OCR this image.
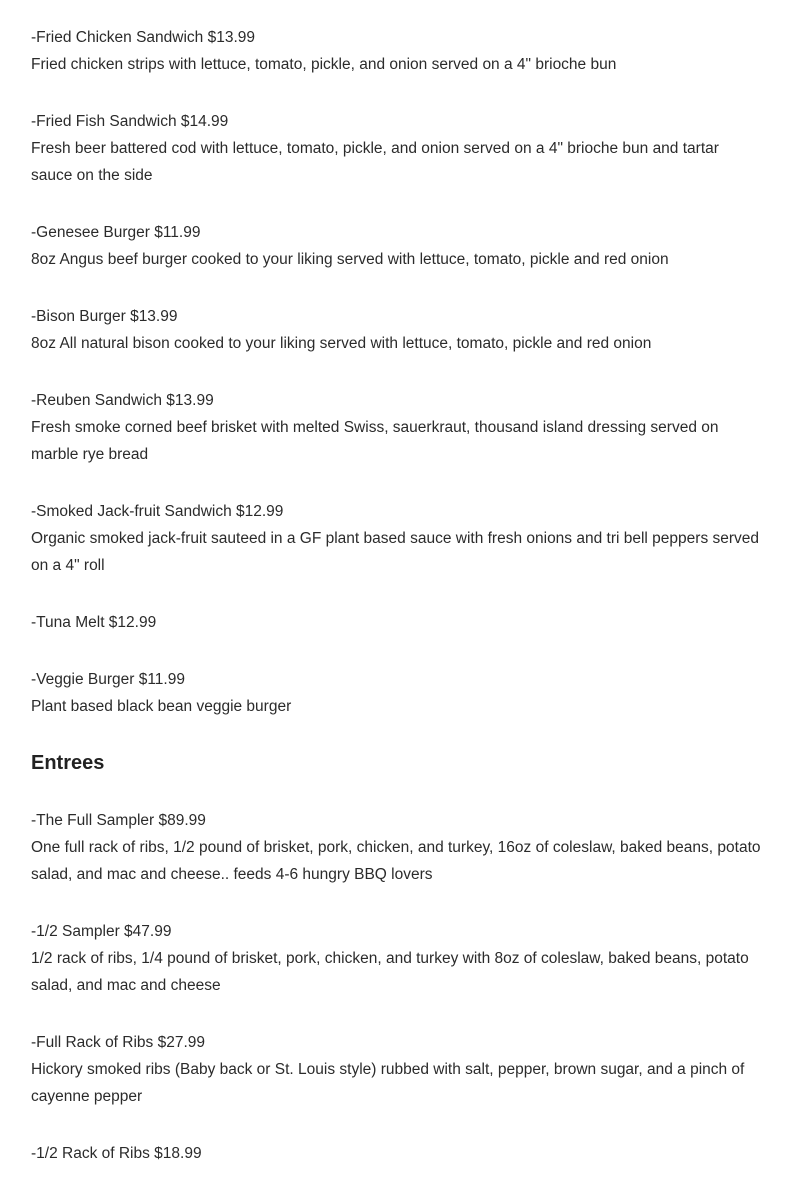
-Fried Chicken Sandwich $13.99

Fried chicken strips with lettuce, tomato, pickle, and onion served on a 4" brioche bun

-Fried Fish Sandwich $14.99

Fresh beer battered cod with lettuce, tomato, pickle, and onion served on a 4" brioche bun and tartar sauce on the side

-Genesee Burger $11.99

8oz Angus beef burger cooked to your liking served with lettuce, tomato, pickle and red onion

-Bison Burger $13.99

8oz All natural bison cooked to your liking served with lettuce, tomato, pickle and red onion

-Reuben Sandwich $13.99

Fresh smoke corned beef brisket with melted Swiss, sauerkraut, thousand island dressing served on marble rye bread

-Smoked Jack-fruit Sandwich $12.99

Organic smoked jack-fruit sauteed in a GF plant based sauce with fresh onions and tri bell peppers served on a 4" roll

-Tuna Melt $12.99

-Veggie Burger $11.99

Plant based black bean veggie burger

Entrees

-The Full Sampler $89.99

One full rack of ribs, 1/2 pound of brisket, pork, chicken, and turkey, 16oz of coleslaw, baked beans, potato salad, and mac and cheese.. feeds 4-6 hungry BBQ lovers

-1/2 Sampler $47.99

1/2 rack of ribs, 1/4 pound of brisket, pork, chicken, and turkey with 8oz of coleslaw, baked beans, potato salad, and mac and cheese

-Full Rack of Ribs $27.99

Hickory smoked ribs (Baby back or St. Louis style) rubbed with salt, pepper, brown sugar, and a pinch of cayenne pepper

-1/2 Rack of Ribs $18.99
